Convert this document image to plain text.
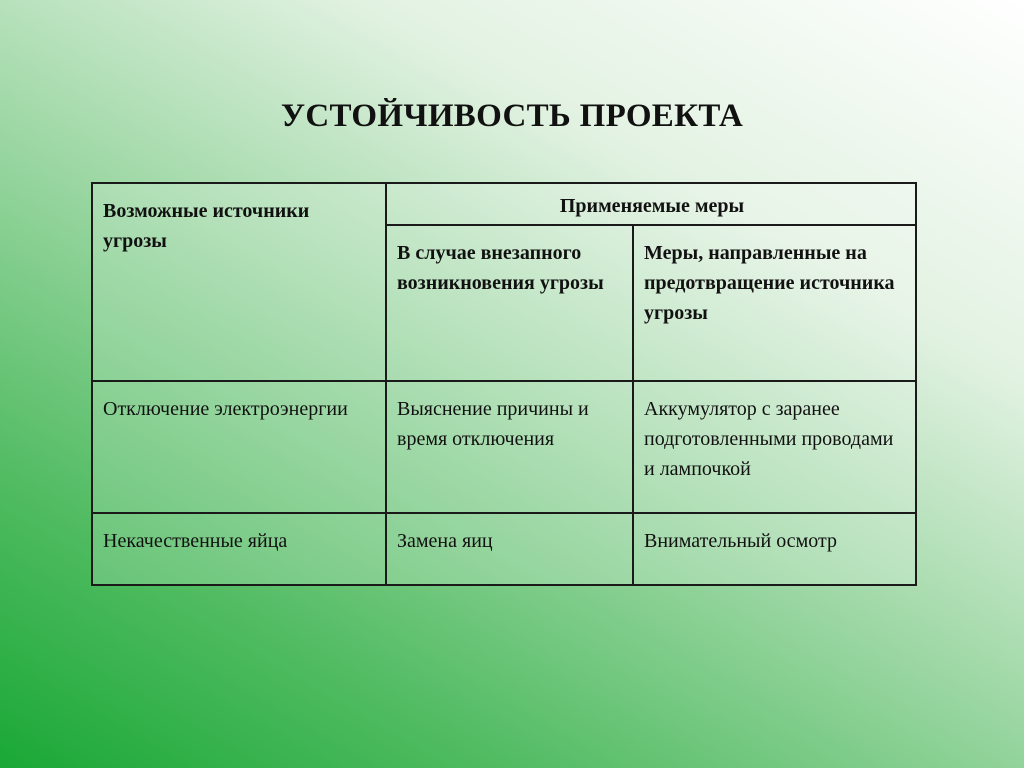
УСТОЙЧИВОСТЬ ПРОЕКТА
Возможные источники угрозы	Применяемые меры	
	В случае внезапного возникновения угрозы	Меры, направленные на предотвращение источника угрозы
Отключение электроэнергии	Выяснение причины и время отключения	Аккумулятор с заранее подготовленными проводами и лампочкой
Некачественные яйца	Замена яиц	Внимательный осмотр
